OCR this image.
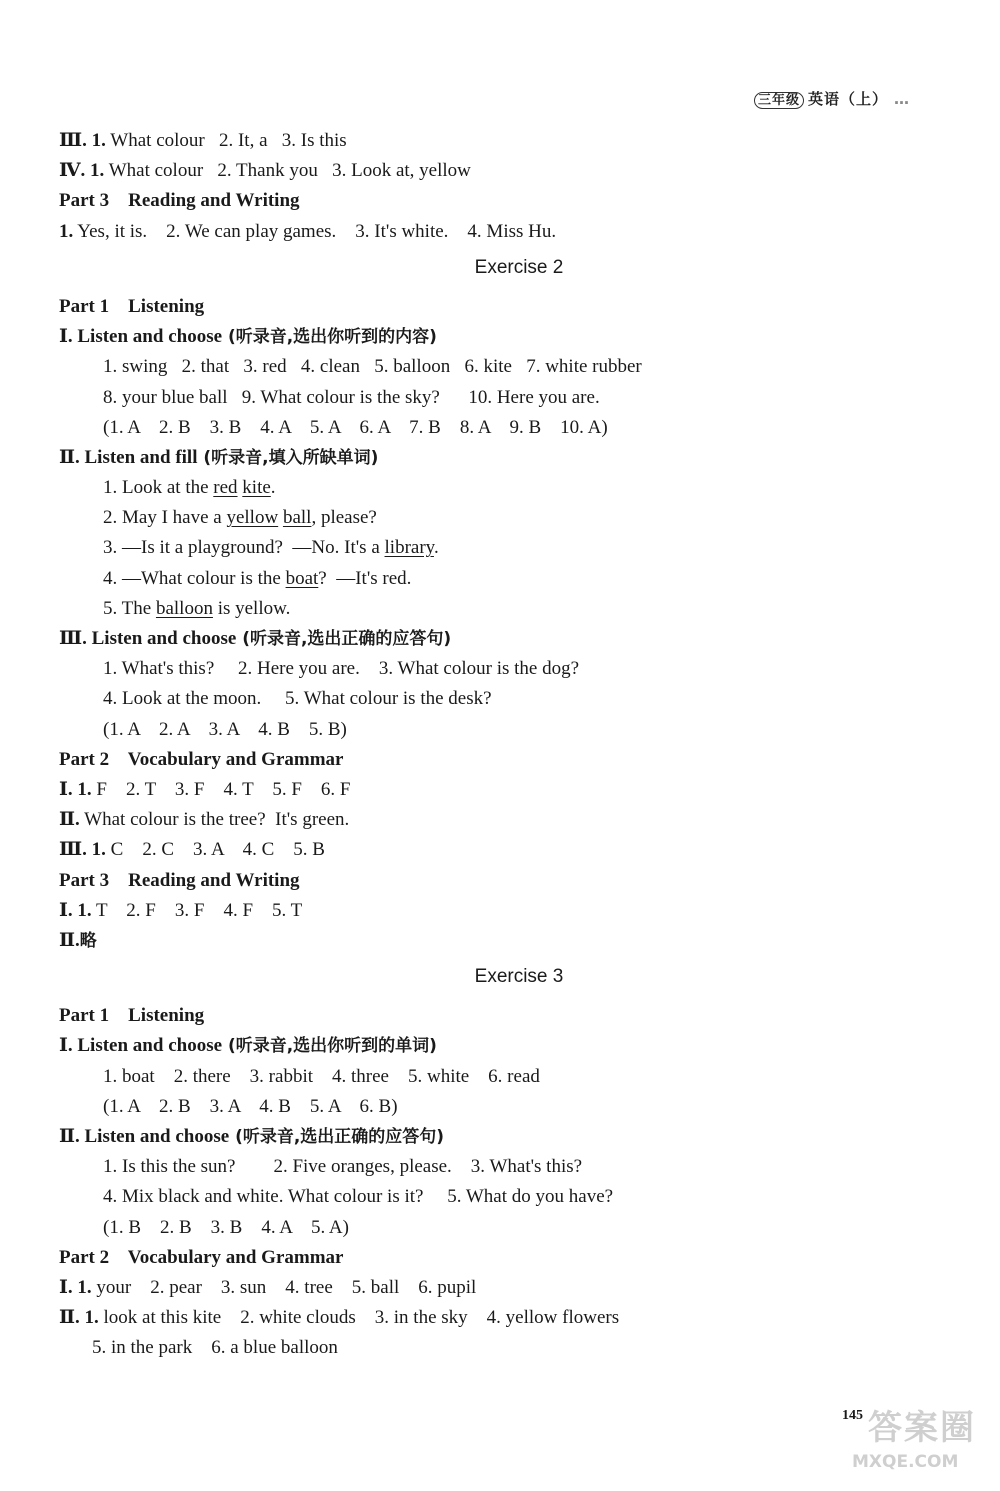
三年级 英语（上） …
Ⅲ. 1. What colour   2. It, a   3. Is this
Ⅳ. 1. What colour   2. Thank you   3. Look at, yellow
Part 3    Reading and Writing
1. Yes, it is.    2. We can play games.    3. It's white.    4. Miss Hu.
Exercise 2
Part 1    Listening
Ⅰ. Listen and choose (听录音,选出你听到的内容)
1. swing   2. that   3. red   4. clean   5. balloon   6. kite   7. white rubber
8. your blue ball   9. What colour is the sky?      10. Here you are.
(1. A    2. B    3. B    4. A    5. A    6. A    7. B    8. A    9. B    10. A)
Ⅱ. Listen and fill (听录音,填入所缺单词)
1. Look at the red kite.
2. May I have a yellow ball, please?
3. —Is it a playground?  —No. It's a library.
4. —What colour is the boat?  —It's red.
5. The balloon is yellow.
Ⅲ. Listen and choose (听录音,选出正确的应答句)
1. What's this?     2. Here you are.    3. What colour is the dog?
4. Look at the moon.     5. What colour is the desk?
(1. A    2. A    3. A    4. B    5. B)
Part 2    Vocabulary and Grammar
Ⅰ. 1. F    2. T    3. F    4. T    5. F    6. F
Ⅱ. What colour is the tree?  It's green.
Ⅲ. 1. C    2. C    3. A    4. C    5. B
Part 3    Reading and Writing
Ⅰ. 1. T    2. F    3. F    4. F    5. T
Ⅱ.略
Exercise 3
Part 1    Listening
Ⅰ. Listen and choose (听录音,选出你听到的单词)
1. boat    2. there    3. rabbit    4. three    5. white    6. read
(1. A    2. B    3. A    4. B    5. A    6. B)
Ⅱ. Listen and choose (听录音,选出正确的应答句)
1. Is this the sun?        2. Five oranges, please.    3. What's this?
4. Mix black and white. What colour is it?     5. What do you have?
(1. B    2. B    3. B    4. A    5. A)
Part 2    Vocabulary and Grammar
Ⅰ. 1. your    2. pear    3. sun    4. tree    5. ball    6. pupil
Ⅱ. 1. look at this kite    2. white clouds    3. in the sky    4. yellow flowers
5. in the park    6. a blue balloon
145 答案圈
MXQE.COM
